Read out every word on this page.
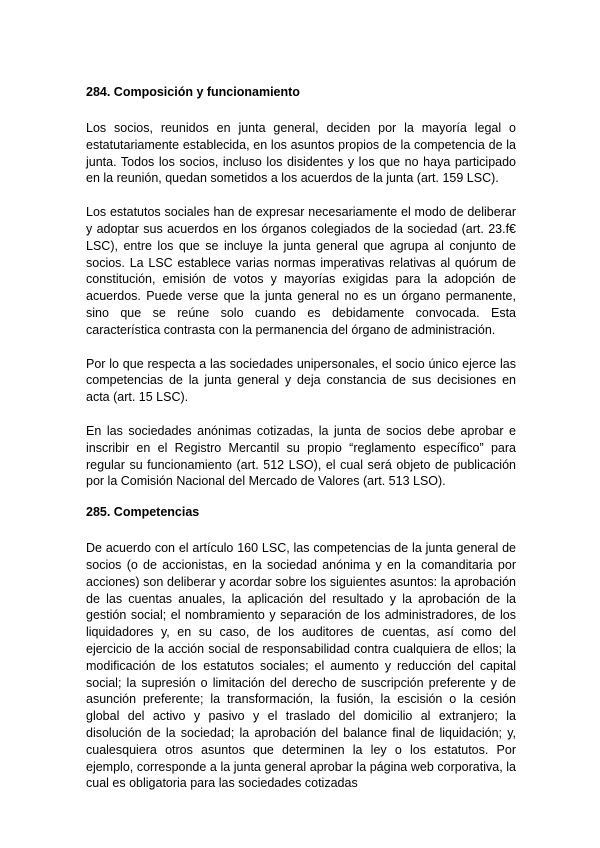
284. Composición y funcionamiento

Los socios, reunidos en junta general, deciden por la mayoría legal o estatutariamente establecida, en los asuntos propios de la competencia de la junta. Todos los socios, incluso los disidentes y los que no haya participado en la reunión, quedan sometidos a los acuerdos de la junta (art. 159 LSC).

Los estatutos sociales han de expresar necesariamente el modo de deliberar y adoptar sus acuerdos en los órganos colegiados de la sociedad (art. 23.f€ LSC), entre los que se incluye la junta general que agrupa al conjunto de socios. La LSC establece varias normas imperativas relativas al quórum de constitución, emisión de votos y mayorías exigidas para la adopción de acuerdos. Puede verse que la junta general no es un órgano permanente, sino que se reúne solo cuando es debidamente convocada. Esta característica contrasta con la permanencia del órgano de administración.

Por lo que respecta a las sociedades unipersonales, el socio único ejerce las competencias de la junta general y deja constancia de sus decisiones en acta (art. 15 LSC).

En las sociedades anónimas cotizadas, la junta de socios debe aprobar e inscribir en el Registro Mercantil su propio “reglamento específico” para regular su funcionamiento (art. 512 LSO), el cual será objeto de publicación por la Comisión Nacional del Mercado de Valores (art. 513 LSO).

285. Competencias

De acuerdo con el artículo 160 LSC, las competencias de la junta general de socios (o de accionistas, en la sociedad anónima y en la comanditaria por acciones) son deliberar y acordar sobre los siguientes asuntos: la aprobación de las cuentas anuales, la aplicación del resultado y la aprobación de la gestión social; el nombramiento y separación de los administradores, de los liquidadores y, en su caso, de los auditores de cuentas, así como del ejercicio de la acción social de responsabilidad contra cualquiera de ellos; la modificación de los estatutos sociales; el aumento y reducción del capital social; la supresión o limitación del derecho de suscripción preferente y de asunción preferente; la transformación, la fusión, la escisión o la cesión global del activo y pasivo y el traslado del domicilio al extranjero; la disolución de la sociedad; la aprobación del balance final de liquidación; y, cualesquiera otros asuntos que determinen la ley o los estatutos. Por ejemplo, corresponde a la junta general aprobar la página web corporativa, la cual es obligatoria para las sociedades cotizadas
